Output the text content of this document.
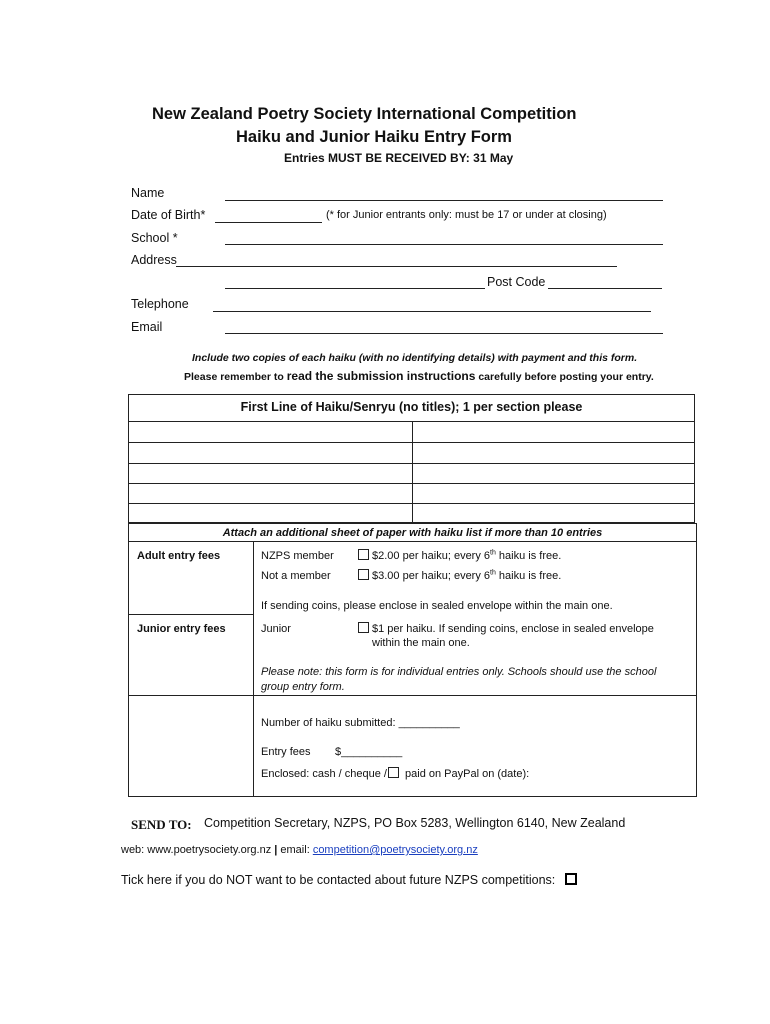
New Zealand Poetry Society International Competition
Haiku and Junior Haiku Entry Form
Entries MUST BE RECEIVED BY: 31 May
Name
Date of Birth*	(* for Junior entrants only: must be 17 or under at closing)
School *
Address
Post Code
Telephone
Email
Include two copies of each haiku (with no identifying details) with payment and this form.
Please remember to read the submission instructions carefully before posting your entry.
First Line of Haiku/Senryu (no titles); 1 per section please
Attach an additional sheet of paper with haiku list if more than 10 entries
Adult entry fees	NZPS member	$2.00 per haiku; every 6th haiku is free.
Not a member	$3.00 per haiku; every 6th haiku is free.
If sending coins, please enclose in sealed envelope within the main one.
Junior entry fees	Junior	$1 per haiku. If sending coins, enclose in sealed envelope
within the main one.
Please note: this form is for individual entries only. Schools should use the school
group entry form.
Number of haiku submitted: __________
Entry fees $__________
Enclosed: cash / cheque / paid on PayPal on (date):
SEND TO: Competition Secretary, NZPS, PO Box 5283, Wellington 6140, New Zealand
web: www.poetrysociety.org.nz | email: competition@poetrysociety.org.nz
Tick here if you do NOT want to be contacted about future NZPS competitions:
